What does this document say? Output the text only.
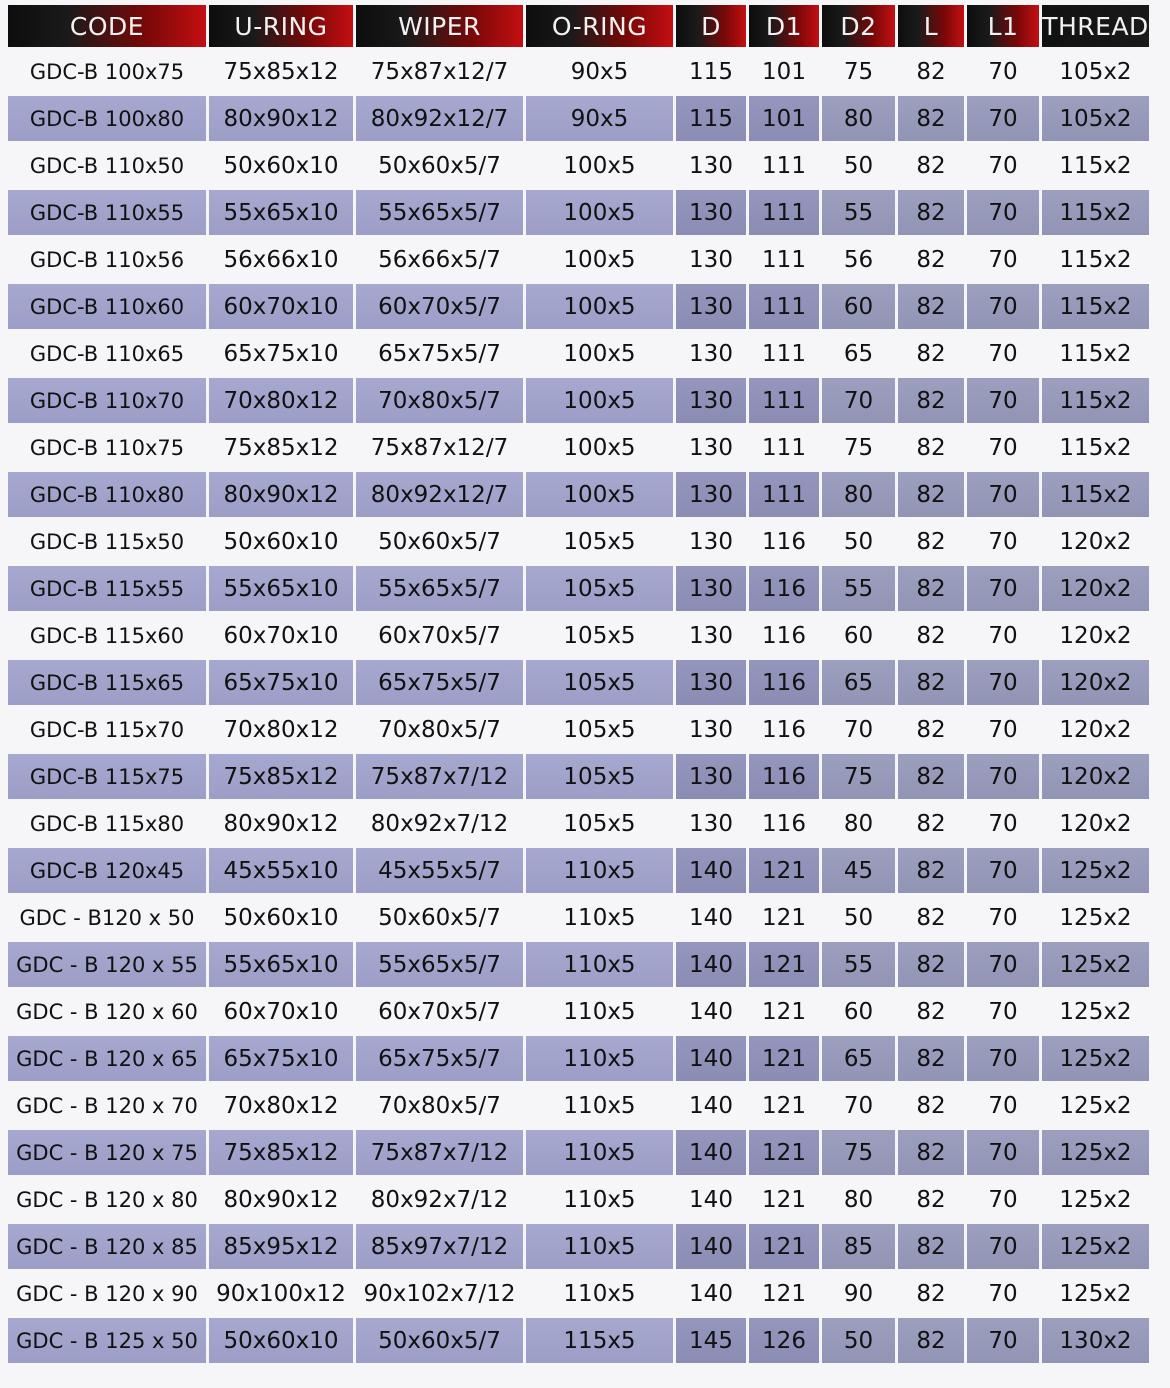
CODE	U-RING	WIPER	O-RING	D	D1	D2	L	L1	THREAD
GDC-B 100x75	75x85x12	75x87x12/7	90x5	115	101	75	82	70	105x2
GDC-B 100x80	80x90x12	80x92x12/7	90x5	115	101	80	82	70	105x2
GDC-B 110x50	50x60x10	50x60x5/7	100x5	130	111	50	82	70	115x2
GDC-B 110x55	55x65x10	55x65x5/7	100x5	130	111	55	82	70	115x2
GDC-B 110x56	56x66x10	56x66x5/7	100x5	130	111	56	82	70	115x2
GDC-B 110x60	60x70x10	60x70x5/7	100x5	130	111	60	82	70	115x2
GDC-B 110x65	65x75x10	65x75x5/7	100x5	130	111	65	82	70	115x2
GDC-B 110x70	70x80x12	70x80x5/7	100x5	130	111	70	82	70	115x2
GDC-B 110x75	75x85x12	75x87x12/7	100x5	130	111	75	82	70	115x2
GDC-B 110x80	80x90x12	80x92x12/7	100x5	130	111	80	82	70	115x2
GDC-B 115x50	50x60x10	50x60x5/7	105x5	130	116	50	82	70	120x2
GDC-B 115x55	55x65x10	55x65x5/7	105x5	130	116	55	82	70	120x2
GDC-B 115x60	60x70x10	60x70x5/7	105x5	130	116	60	82	70	120x2
GDC-B 115x65	65x75x10	65x75x5/7	105x5	130	116	65	82	70	120x2
GDC-B 115x70	70x80x12	70x80x5/7	105x5	130	116	70	82	70	120x2
GDC-B 115x75	75x85x12	75x87x7/12	105x5	130	116	75	82	70	120x2
GDC-B 115x80	80x90x12	80x92x7/12	105x5	130	116	80	82	70	120x2
GDC-B 120x45	45x55x10	45x55x5/7	110x5	140	121	45	82	70	125x2
GDC - B120 x 50	50x60x10	50x60x5/7	110x5	140	121	50	82	70	125x2
GDC - B 120 x 55	55x65x10	55x65x5/7	110x5	140	121	55	82	70	125x2
GDC - B 120 x 60	60x70x10	60x70x5/7	110x5	140	121	60	82	70	125x2
GDC - B 120 x 65	65x75x10	65x75x5/7	110x5	140	121	65	82	70	125x2
GDC - B 120 x 70	70x80x12	70x80x5/7	110x5	140	121	70	82	70	125x2
GDC - B 120 x 75	75x85x12	75x87x7/12	110x5	140	121	75	82	70	125x2
GDC - B 120 x 80	80x90x12	80x92x7/12	110x5	140	121	80	82	70	125x2
GDC - B 120 x 85	85x95x12	85x97x7/12	110x5	140	121	85	82	70	125x2
GDC - B 120 x 90	90x100x12	90x102x7/12	110x5	140	121	90	82	70	125x2
GDC - B 125 x 50	50x60x10	50x60x5/7	115x5	145	126	50	82	70	130x2
